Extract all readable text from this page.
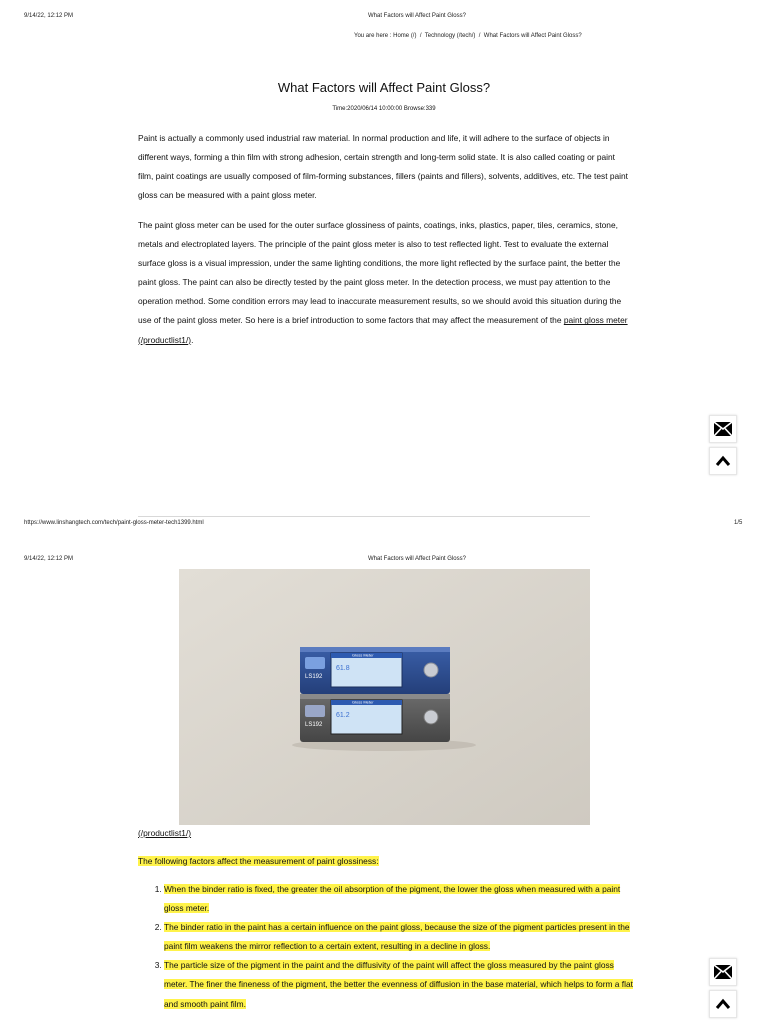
9/14/22, 12:12 PM	What Factors will Affect Paint Gloss?
You are here : Home (/) / Technology (/tech/) / What Factors will Affect Paint Gloss?
What Factors will Affect Paint Gloss?
Time:2020/06/14 10:00:00 Browse:339

Paint is actually a commonly used industrial raw material. In normal production and life, it will adhere to the surface of objects in different ways, forming a thin film with strong adhesion, certain strength and long-term solid state. It is also called coating or paint film, paint coatings are usually composed of film-forming substances, fillers (paints and fillers), solvents, additives, etc. The test paint gloss can be measured with a paint gloss meter.

The paint gloss meter can be used for the outer surface glossiness of paints, coatings, inks, plastics, paper, tiles, ceramics, stone, metals and electroplated layers. The principle of the paint gloss meter is also to test reflected light. Test to evaluate the external surface gloss is a visual impression, under the same lighting conditions, the more light reflected by the surface paint, the better the paint gloss. The paint can also be directly tested by the paint gloss meter. In the detection process, we must pay attention to the operation method. Some condition errors may lead to inaccurate measurement results, so we should avoid this situation during the use of the paint gloss meter. So here is a brief introduction to some factors that may affect the measurement of the paint gloss meter (/productlist1/).

https://www.linshangtech.com/tech/paint-gloss-meter-tech1399.html	1/5
9/14/22, 12:12 PM	What Factors will Affect Paint Gloss?
LS192
LS192
Gloss Meter
Gloss Meter
61.8
61.2
(/productlist1/)

The following factors affect the measurement of paint glossiness:

1. When the binder ratio is fixed, the greater the oil absorption of the pigment, the lower the gloss when measured with a paint gloss meter.
2. The binder ratio in the paint has a certain influence on the paint gloss, because the size of the pigment particles present in the paint film weakens the mirror reflection to a certain extent, resulting in a decline in gloss.
3. The particle size of the pigment in the paint and the diffusivity of the paint will affect the gloss measured by the paint gloss meter. The finer the fineness of the pigment, the better the evenness of diffusion in the base material, which helps to form a flat and smooth paint film.
